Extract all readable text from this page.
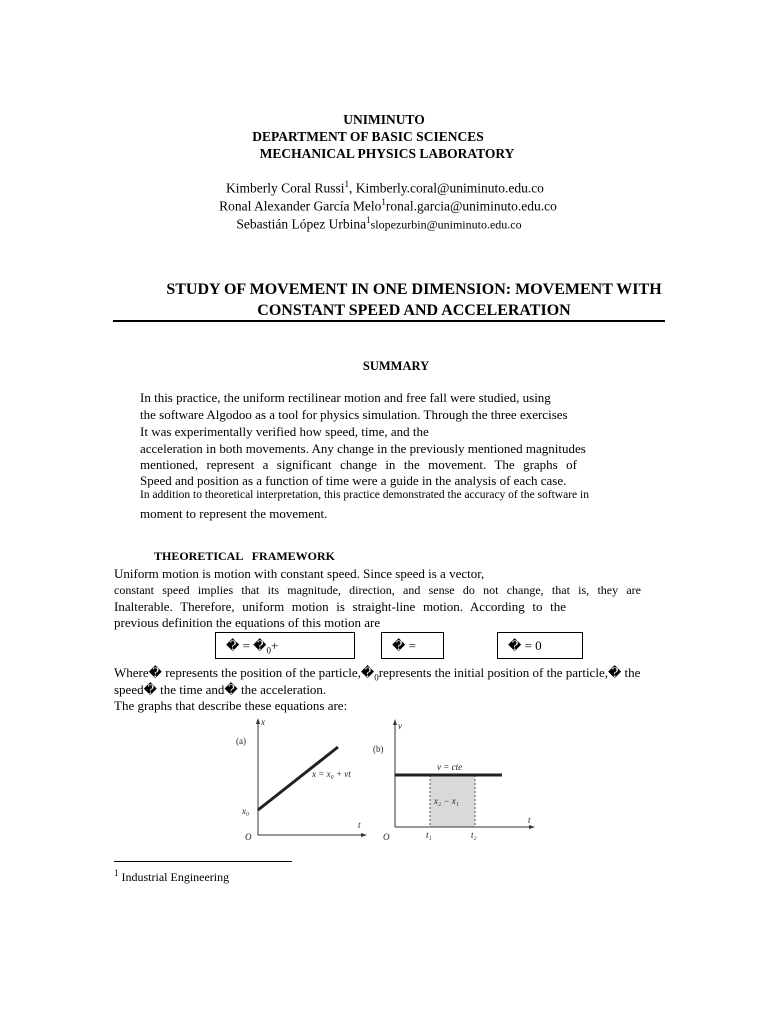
UNIMINUTO
DEPARTMENT OF BASIC SCIENCES
MECHANICAL PHYSICS LABORATORY
Kimberly Coral Russi$^1$, Kimberly.coral@uniminuto.edu.co
Ronal Alexander García Melo$^1$ronal.garcia@uniminuto.edu.co
Sebastián López Urbina$^1$slopezurbin@uniminuto.edu.co
STUDY OF MOVEMENT IN ONE DIMENSION: MOVEMENT WITH
CONSTANT SPEED AND ACCELERATION
SUMMARY
In this practice, the uniform rectilinear motion and free fall were studied, using
the software Algodoo as a tool for physics simulation. Through the three exercises
It was experimentally verified how speed, time, and the
acceleration in both movements. Any change in the previously mentioned magnitudes
mentioned, represent a significant change in the movement. The graphs of
Speed and position as a function of time were a guide in the analysis of each case.
In addition to theoretical interpretation, this practice demonstrated the accuracy of the software in
moment to represent the movement.
THEORETICAL   FRAMEWORK
Uniform motion is motion with constant speed. Since speed is a vector,
constant speed implies that its magnitude, direction, and sense do not change, that is, they are
Inalterable. Therefore, uniform motion is straight-line motion. According to the
previous definition the equations of this motion are
� = $�_0+$	� =	� = 0
Where� represents the position of the $particle,�_0represents$ the initial position of the particle,� the
speed� the time and� the acceleration.
The graphs that describe these equations are:
(a)
x
t
O
x₀
x = x₀ + vt
(b)
v
t
O
v = cte
x₂ − x₁
t₁	t₂
$^1$ Industrial Engineering
